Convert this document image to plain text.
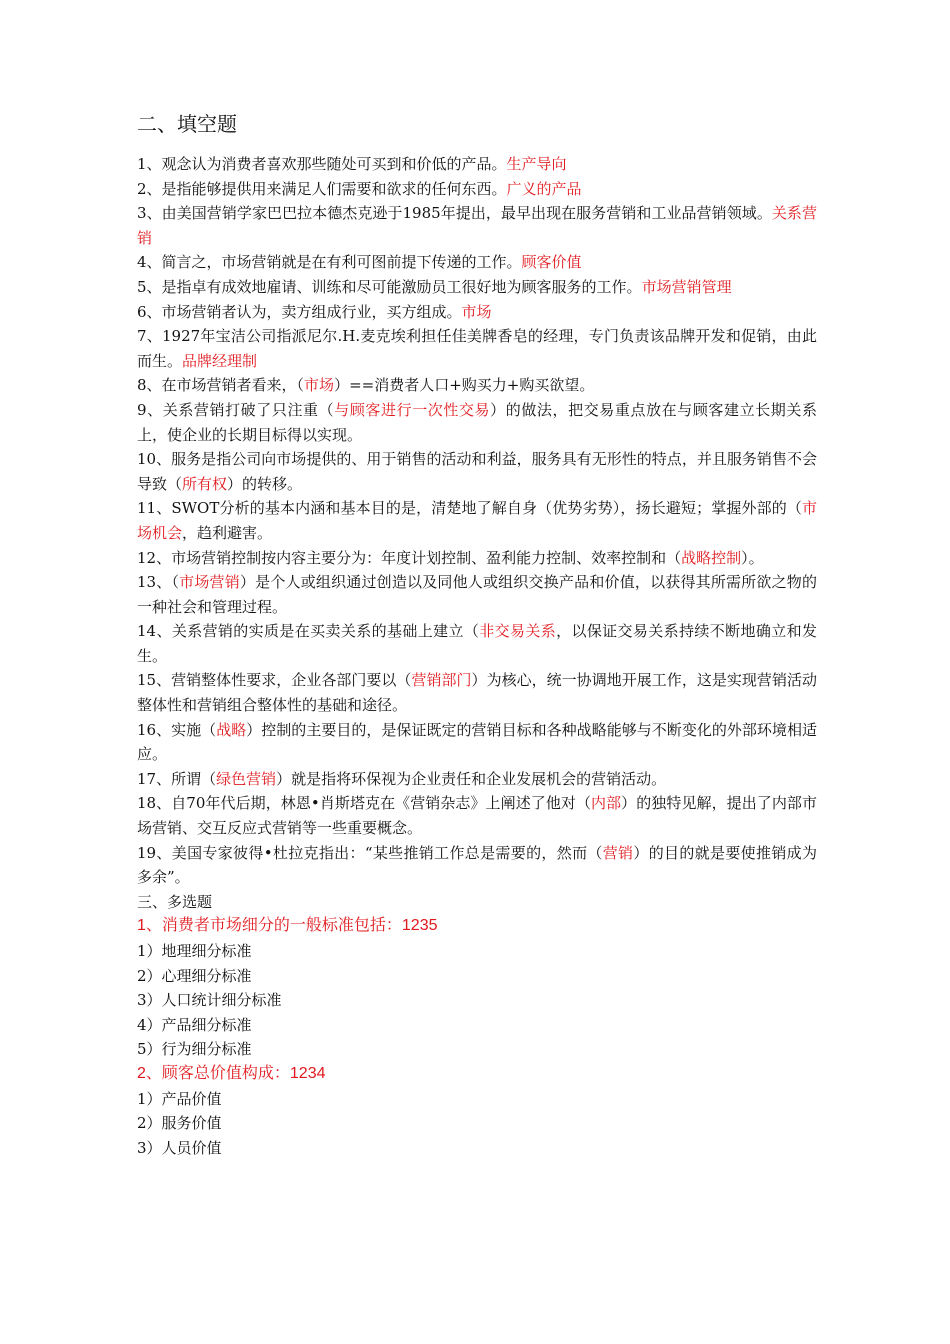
二、填空题

1、观念认为消费者喜欢那些随处可买到和价低的产品。生产导向

2、是指能够提供用来满足人们需要和欲求的任何东西。广义的产品

3、由美国营销学家巴巴拉本德杰克逊于1985年提出，最早出现在服务营销和工业品营销领域。关系营销

4、简言之，市场营销就是在有利可图前提下传递的工作。顾客价值

5、是指卓有成效地雇请、训练和尽可能激励员工很好地为顾客服务的工作。市场营销管理

6、市场营销者认为，卖方组成行业，买方组成。市场

7、1927年宝洁公司指派尼尔.H.麦克埃利担任佳美牌香皂的经理，专门负责该品牌开发和促销，由此而生。品牌经理制

8、在市场营销者看来，（市场）==消费者人口+购买力+购买欲望。

9、关系营销打破了只注重（与顾客进行一次性交易）的做法，把交易重点放在与顾客建立长期关系上，使企业的长期目标得以实现。

10、服务是指公司向市场提供的、用于销售的活动和利益，服务具有无形性的特点，并且服务销售不会导致（所有权）的转移。

11、SWOT分析的基本内涵和基本目的是，清楚地了解自身（优势劣势），扬长避短；掌握外部的（市场机会，趋利避害。

12、市场营销控制按内容主要分为：年度计划控制、盈利能力控制、效率控制和（战略控制）。

13、（市场营销）是个人或组织通过创造以及同他人或组织交换产品和价值，以获得其所需所欲之物的一种社会和管理过程。

14、关系营销的实质是在买卖关系的基础上建立（非交易关系，以保证交易关系持续不断地确立和发生。

15、营销整体性要求，企业各部门要以（营销部门）为核心，统一协调地开展工作，这是实现营销活动整体性和营销组合整体性的基础和途径。

16、实施（战略）控制的主要目的，是保证既定的营销目标和各种战略能够与不断变化的外部环境相适应。

17、所谓（绿色营销）就是指将环保视为企业责任和企业发展机会的营销活动。

18、自70年代后期，林恩•肖斯塔克在《营销杂志》上阐述了他对（内部）的独特见解，提出了内部市场营销、交互反应式营销等一些重要概念。

19、美国专家彼得•杜拉克指出：“某些推销工作总是需要的，然而（营销）的目的就是要使推销成为多余”。

三、多选题
1、消费者市场细分的一般标准包括：1235
1）地理细分标准
2）心理细分标准
3）人口统计细分标准
4）产品细分标准
5）行为细分标准
2、顾客总价值构成：1234
1）产品价值
2）服务价值
3）人员价值
